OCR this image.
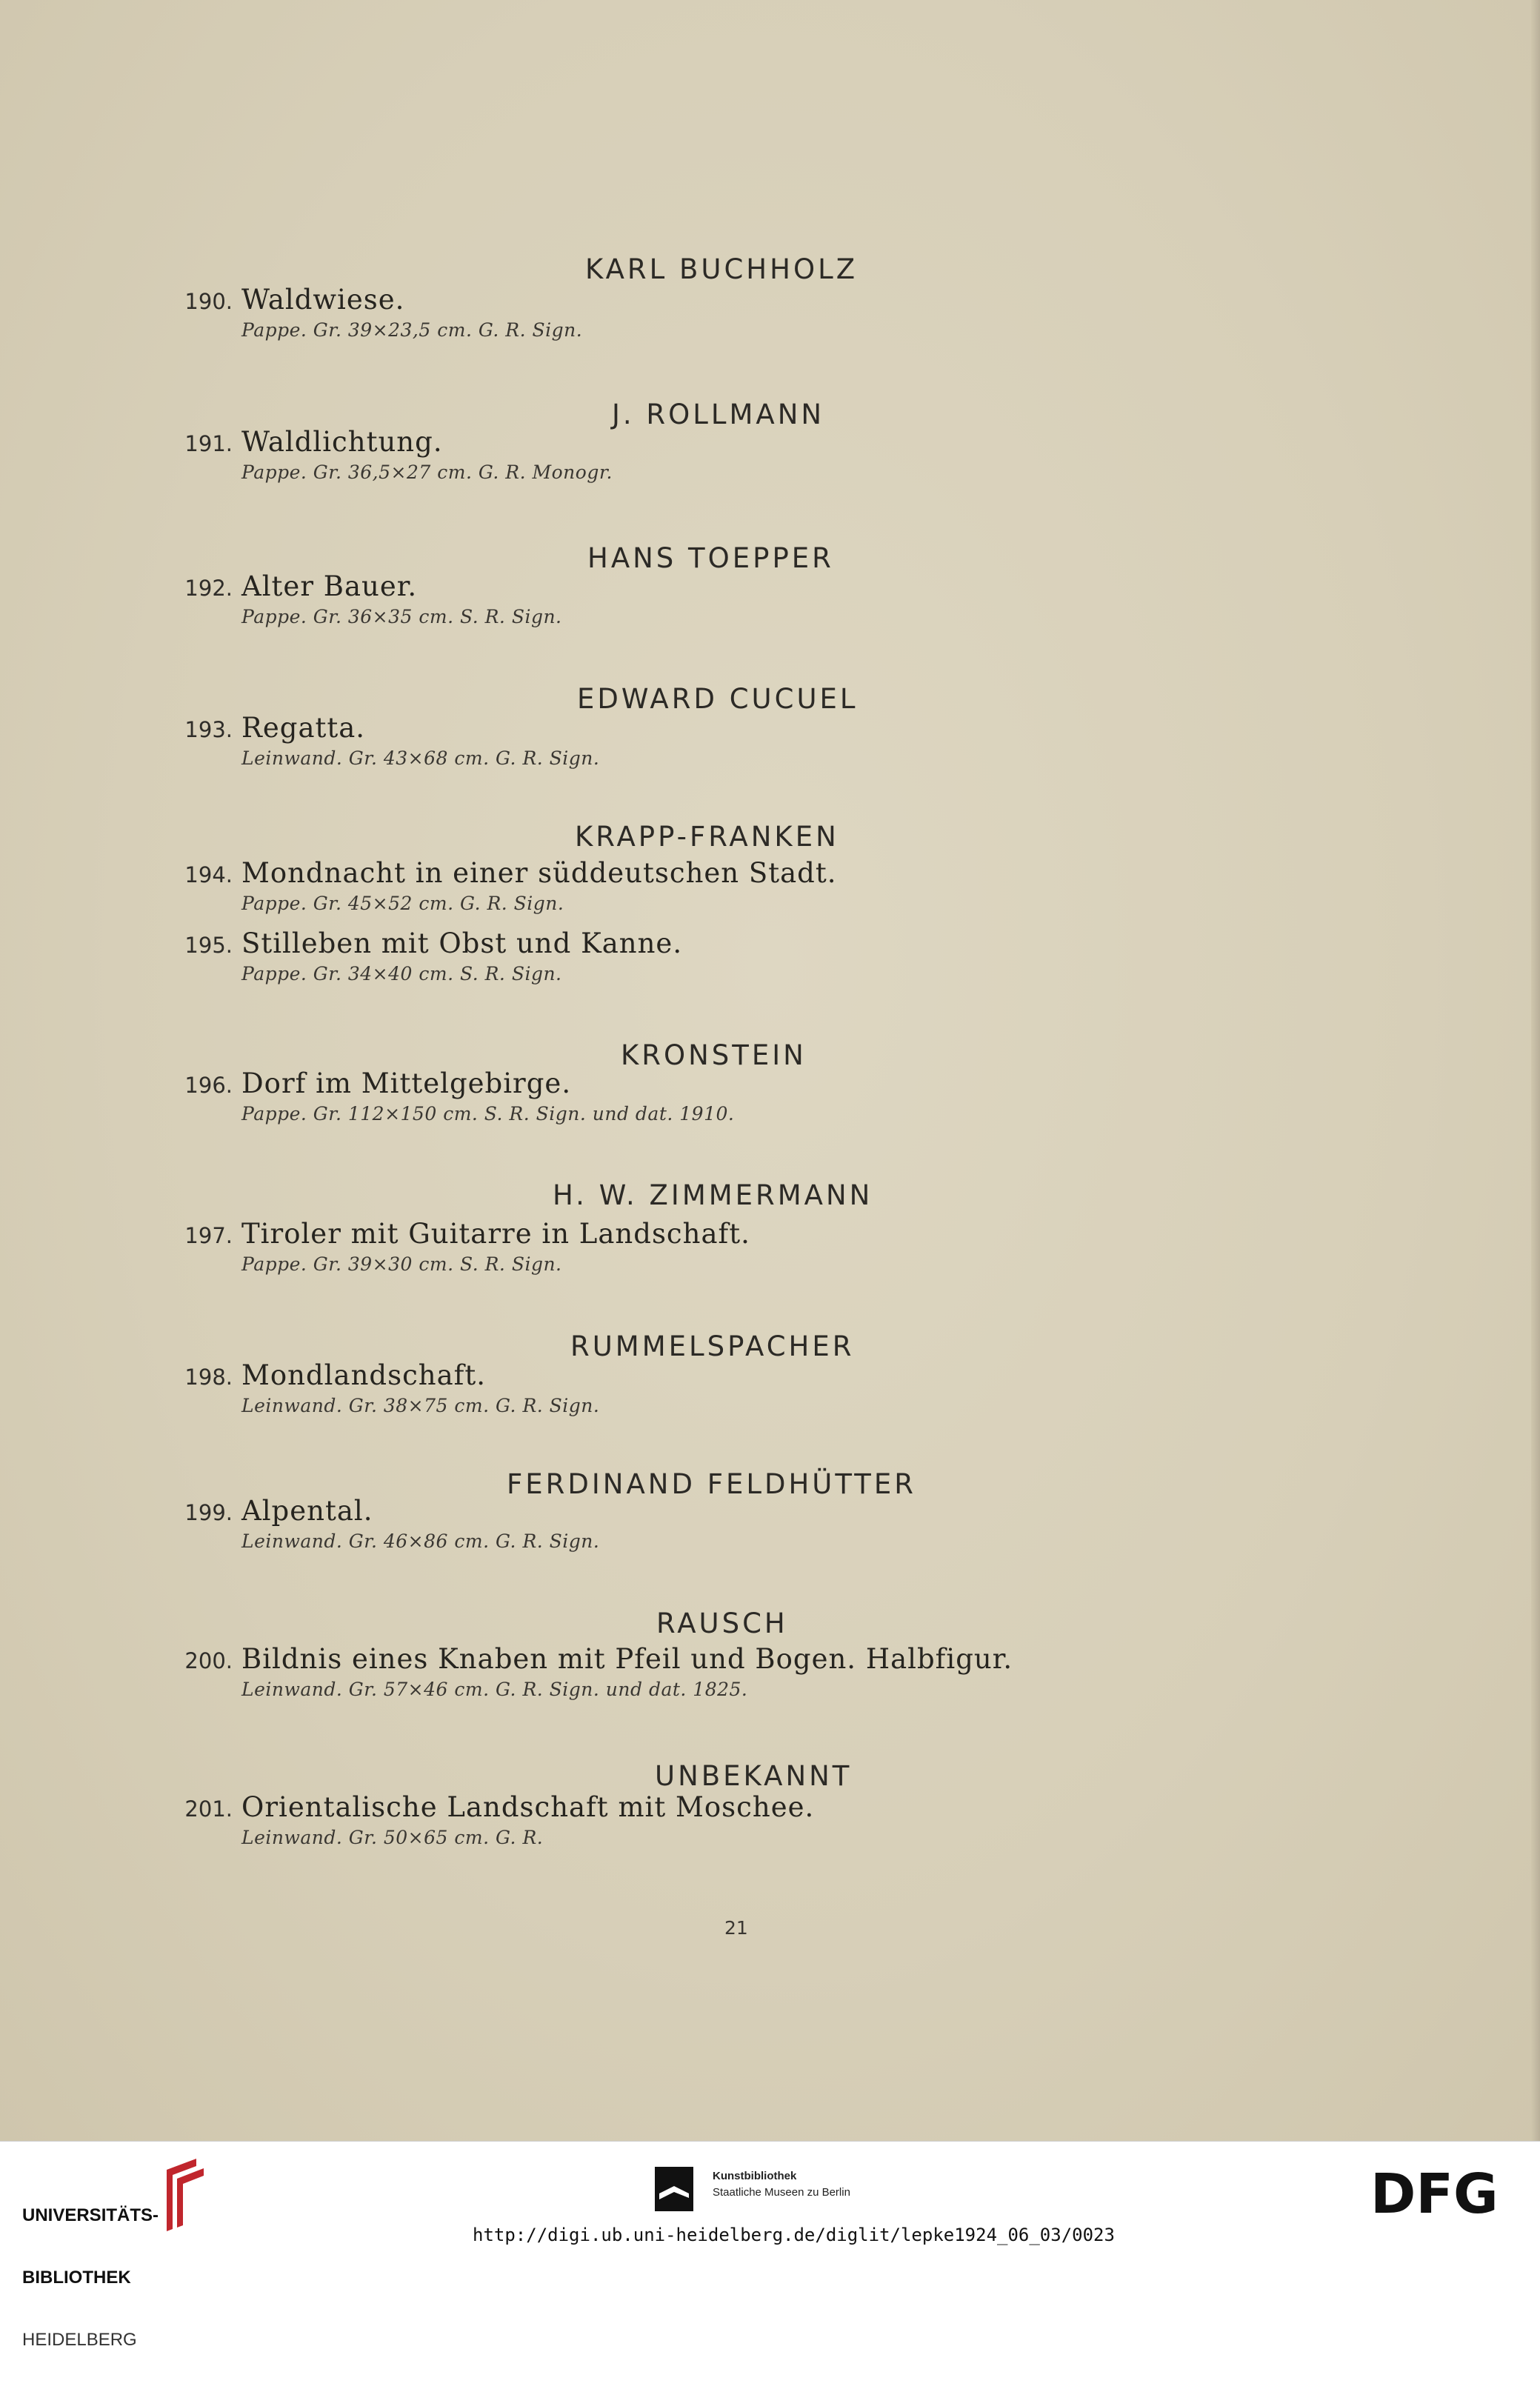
KARL BUCHHOLZ
190. Waldwiese.
Pappe. Gr. 39×23,5 cm. G. R. Sign.
J. ROLLMANN
191. Waldlichtung.
Pappe. Gr. 36,5×27 cm. G. R. Monogr.
HANS TOEPPER
192. Alter Bauer.
Pappe. Gr. 36×35 cm. S. R. Sign.
EDWARD CUCUEL
193. Regatta.
Leinwand. Gr. 43×68 cm. G. R. Sign.
KRAPP-FRANKEN
194. Mondnacht in einer süddeutschen Stadt.
Pappe. Gr. 45×52 cm. G. R. Sign.
195. Stilleben mit Obst und Kanne.
Pappe. Gr. 34×40 cm. S. R. Sign.
KRONSTEIN
196. Dorf im Mittelgebirge.
Pappe. Gr. 112×150 cm. S. R. Sign. und dat. 1910.
H. W. ZIMMERMANN
197. Tiroler mit Guitarre in Landschaft.
Pappe. Gr. 39×30 cm. S. R. Sign.
RUMMELSPACHER
198. Mondlandschaft.
Leinwand. Gr. 38×75 cm. G. R. Sign.
FERDINAND FELDHÜTTER
199. Alpental.
Leinwand. Gr. 46×86 cm. G. R. Sign.
RAUSCH
200. Bildnis eines Knaben mit Pfeil und Bogen. Halbfigur.
Leinwand. Gr. 57×46 cm. G. R. Sign. und dat. 1825.
UNBEKANNT
201. Orientalische Landschaft mit Moschee.
Leinwand. Gr. 50×65 cm. G. R.
21

UNIVERSITÄTS-

BIBLIOTHEK

HEIDELBERG

Kunstbibliothek
Staatliche Museen zu Berlin	DFG
http://digi.ub.uni-heidelberg.de/diglit/lepke1924_06_03/0023
